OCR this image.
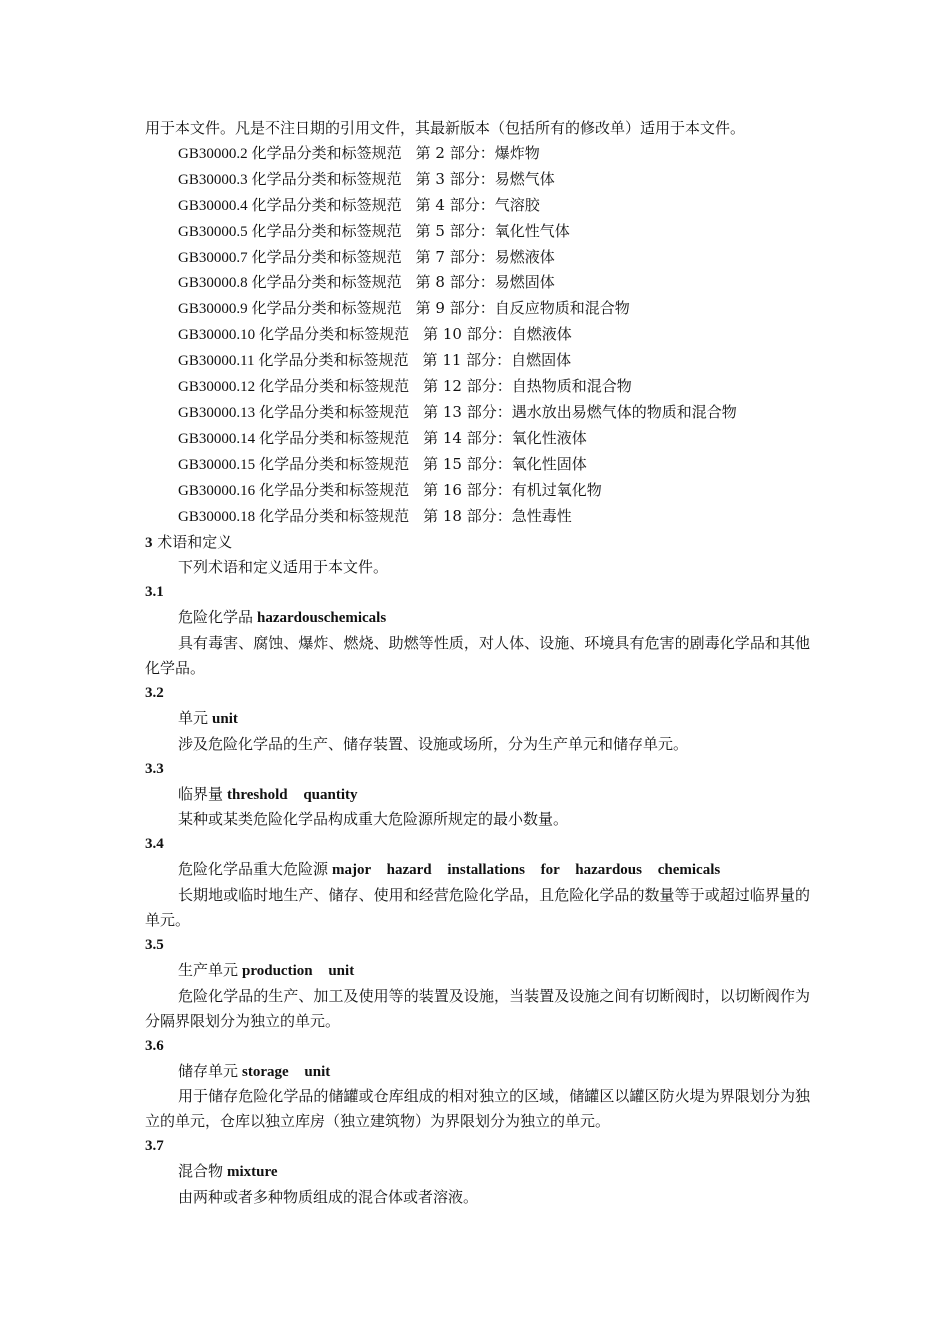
用于本文件。凡是不注日期的引用文件，其最新版本（包括所有的修改单）适用于本文件。

GB30000.2 化学品分类和标签规范 第 2 部分：爆炸物

GB30000.3 化学品分类和标签规范 第 3 部分：易燃气体

GB30000.4 化学品分类和标签规范 第 4 部分：气溶胶

GB30000.5 化学品分类和标签规范 第 5 部分：氧化性气体

GB30000.7 化学品分类和标签规范 第 7 部分：易燃液体

GB30000.8 化学品分类和标签规范 第 8 部分：易燃固体

GB30000.9 化学品分类和标签规范 第 9 部分：自反应物质和混合物

GB30000.10 化学品分类和标签规范 第 10 部分：自燃液体

GB30000.11 化学品分类和标签规范 第 11 部分：自燃固体

GB30000.12 化学品分类和标签规范 第 12 部分：自热物质和混合物

GB30000.13 化学品分类和标签规范 第 13 部分：遇水放出易燃气体的物质和混合物

GB30000.14 化学品分类和标签规范 第 14 部分：氧化性液体

GB30000.15 化学品分类和标签规范 第 15 部分：氧化性固体

GB30000.16 化学品分类和标签规范 第 16 部分：有机过氧化物

GB30000.18 化学品分类和标签规范 第 18 部分：急性毒性

3 术语和定义

下列术语和定义适用于本文件。

3.1

危险化学品 hazardouschemicals

具有毒害、腐蚀、爆炸、燃烧、助燃等性质，对人体、设施、环境具有危害的剧毒化学品和其他化学品。

3.2

单元 unit

涉及危险化学品的生产、储存装置、设施或场所，分为生产单元和储存单元。

3.3

临界量 threshold quantity

某种或某类危险化学品构成重大危险源所规定的最小数量。

3.4

危险化学品重大危险源 major hazard installations for hazardous chemicals

长期地或临时地生产、储存、使用和经营危险化学品，且危险化学品的数量等于或超过临界量的单元。

3.5

生产单元 production unit

危险化学品的生产、加工及使用等的装置及设施，当装置及设施之间有切断阀时，以切断阀作为分隔界限划分为独立的单元。

3.6

储存单元 storage unit

用于储存危险化学品的储罐或仓库组成的相对独立的区域，储罐区以罐区防火堤为界限划分为独立的单元，仓库以独立库房（独立建筑物）为界限划分为独立的单元。

3.7

混合物 mixture

由两种或者多种物质组成的混合体或者溶液。
